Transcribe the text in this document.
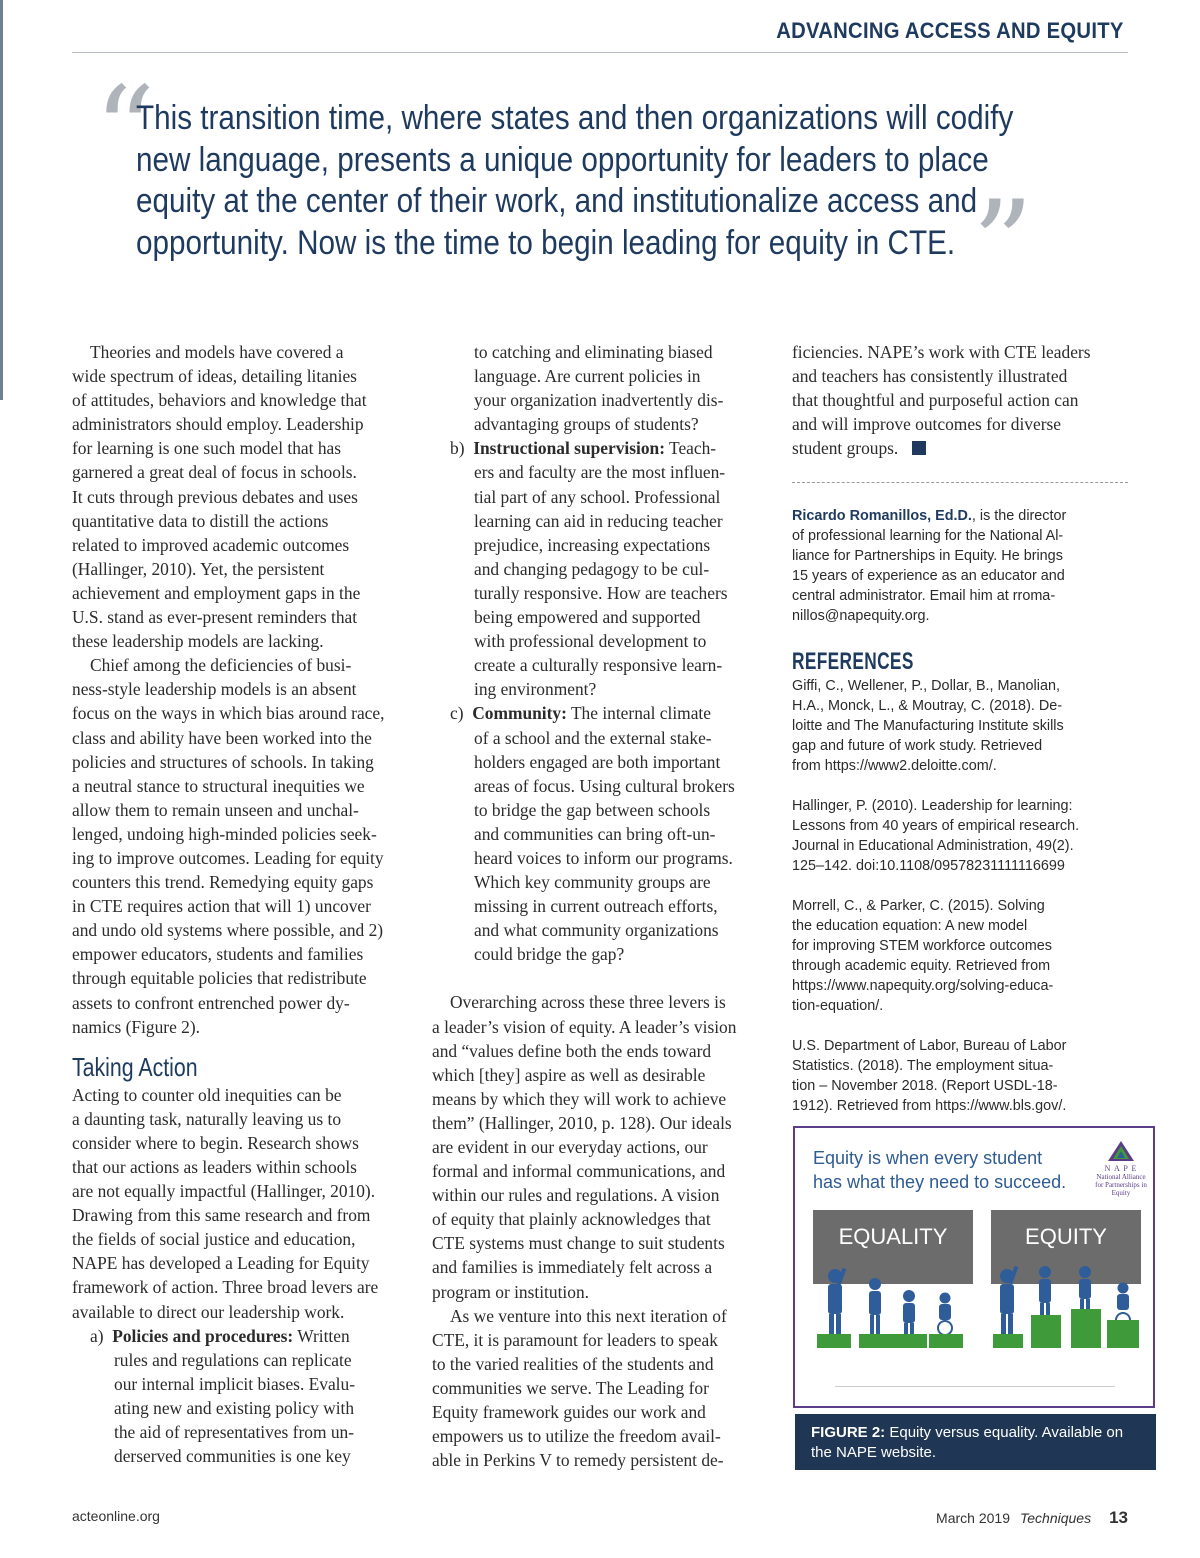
ADVANCING ACCESS AND EQUITY
“
This transition time, where states and then organizations will codify
new language, presents a unique opportunity for leaders to place
equity at the center of their work, and institutionalize access and
opportunity. Now is the time to begin leading for equity in CTE. ”
Theories and models have covered a
wide spectrum of ideas, detailing litanies
of attitudes, behaviors and knowledge that
administrators should employ. Leadership
for learning is one such model that has
garnered a great deal of focus in schools.
It cuts through previous debates and uses
quantitative data to distill the actions
related to improved academic outcomes
(Hallinger, 2010). Yet, the persistent
achievement and employment gaps in the
U.S. stand as ever-present reminders that
these leadership models are lacking.
Chief among the deficiencies of busi-
ness-style leadership models is an absent
focus on the ways in which bias around race,
class and ability have been worked into the
policies and structures of schools. In taking
a neutral stance to structural inequities we
allow them to remain unseen and unchal-
lenged, undoing high-minded policies seek-
ing to improve outcomes. Leading for equity
counters this trend. Remedying equity gaps
in CTE requires action that will 1) uncover
and undo old systems where possible, and 2)
empower educators, students and families
through equitable policies that redistribute
assets to confront entrenched power dy-
namics (Figure 2).
Taking Action
Acting to counter old inequities can be
a daunting task, naturally leaving us to
consider where to begin. Research shows
that our actions as leaders within schools
are not equally impactful (Hallinger, 2010).
Drawing from this same research and from
the fields of social justice and education,
NAPE has developed a Leading for Equity
framework of action. Three broad levers are
available to direct our leadership work.
a) Policies and procedures: Written
rules and regulations can replicate
our internal implicit biases. Evalu-
ating new and existing policy with
the aid of representatives from un-
derserved communities is one key
to catching and eliminating biased
language. Are current policies in
your organization inadvertently dis-
advantaging groups of students?
b) Instructional supervision: Teach-
ers and faculty are the most influen-
tial part of any school. Professional
learning can aid in reducing teacher
prejudice, increasing expectations
and changing pedagogy to be cul-
turally responsive. How are teachers
being empowered and supported
with professional development to
create a culturally responsive learn-
ing environment?
c) Community: The internal climate
of a school and the external stake-
holders engaged are both important
areas of focus. Using cultural brokers
to bridge the gap between schools
and communities can bring oft-un-
heard voices to inform our programs.
Which key community groups are
missing in current outreach efforts,
and what community organizations
could bridge the gap?
Overarching across these three levers is
a leader’s vision of equity. A leader’s vision
and “values define both the ends toward
which [they] aspire as well as desirable
means by which they will work to achieve
them” (Hallinger, 2010, p. 128). Our ideals
are evident in our everyday actions, our
formal and informal communications, and
within our rules and regulations. A vision
of equity that plainly acknowledges that
CTE systems must change to suit students
and families is immediately felt across a
program or institution.
As we venture into this next iteration of
CTE, it is paramount for leaders to speak
to the varied realities of the students and
communities we serve. The Leading for
Equity framework guides our work and
empowers us to utilize the freedom avail-
able in Perkins V to remedy persistent de-
ficiencies. NAPE’s work with CTE leaders
and teachers has consistently illustrated
that thoughtful and purposeful action can
and will improve outcomes for diverse
student groups.
Ricardo Romanillos, Ed.D., is the director
of professional learning for the National Al-
liance for Partnerships in Equity. He brings
15 years of experience as an educator and
central administrator. Email him at rroma-
nillos@napequity.org.
REFERENCES
Giffi, C., Wellener, P., Dollar, B., Manolian,
H.A., Monck, L., & Moutray, C. (2018). De-
loitte and The Manufacturing Institute skills
gap and future of work study. Retrieved
from https://www2.deloitte.com/.
Hallinger, P. (2010). Leadership for learning:
Lessons from 40 years of empirical research.
Journal in Educational Administration, 49(2).
125–142. doi:10.1108/09578231111116699
Morrell, C., & Parker, C. (2015). Solving
the education equation: A new model
for improving STEM workforce outcomes
through academic equity. Retrieved from
https://www.napequity.org/solving-educa-
tion-equation/.
U.S. Department of Labor, Bureau of Labor
Statistics. (2018). The employment situa-
tion – November 2018. (Report USDL-18-
1912). Retrieved from https://www.bls.gov/.
Equity is when every student
has what they need to succeed.
N A P E
National Alliance for Partnerships in Equity
EQUALITY	EQUITY
FIGURE 2: Equity versus equality. Available on
the NAPE website.
acteonline.org	March 2019 Techniques 13
